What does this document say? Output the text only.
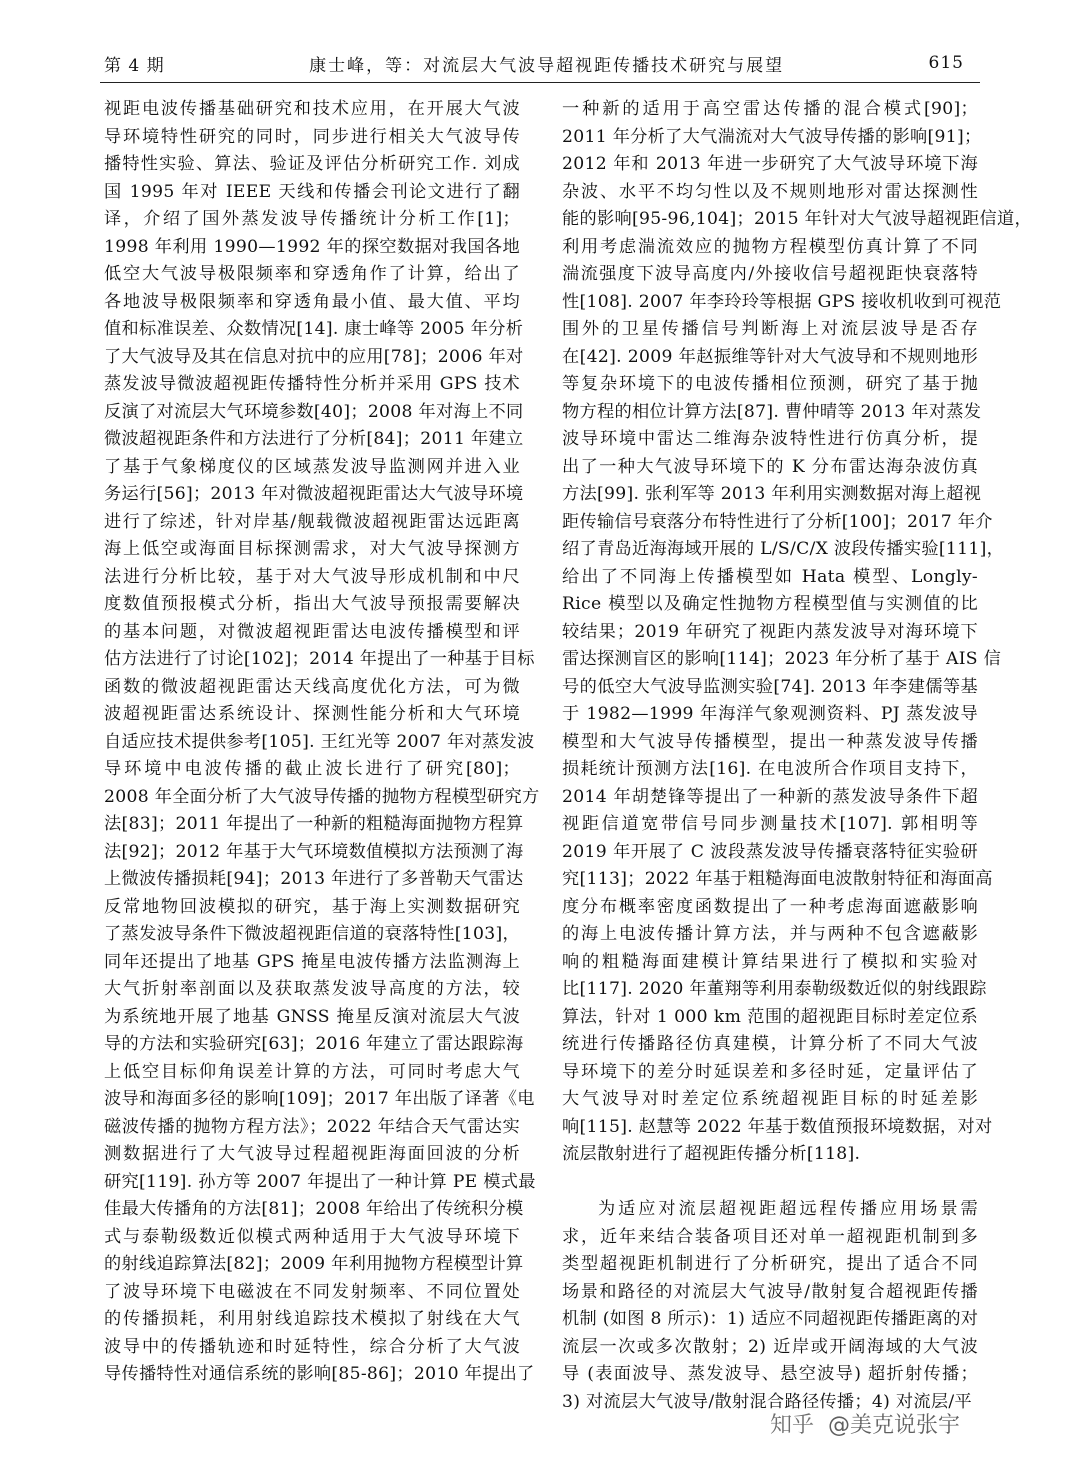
第 4 期	康士峰，等：对流层大气波导超视距传播技术研究与展望	615
视距电波传播基础研究和技术应用，在开展大气波
导环境特性研究的同时，同步进行相关大气波导传
播特性实验、算法、验证及评估分析研究工作. 刘成
国 1995 年对 IEEE 天线和传播会刊论文进行了翻
译，介绍了国外蒸发波导传播统计分析工作[1]；
1998 年利用 1990—1992 年的探空数据对我国各地
低空大气波导极限频率和穿透角作了计算，给出了
各地波导极限频率和穿透角最小值、最大值、平均
值和标准误差、众数情况[14]. 康士峰等 2005 年分析
了大气波导及其在信息对抗中的应用[78]；2006 年对
蒸发波导微波超视距传播特性分析并采用 GPS 技术
反演了对流层大气环境参数[40]；2008 年对海上不同
微波超视距条件和方法进行了分析[84]；2011 年建立
了基于气象梯度仪的区域蒸发波导监测网并进入业
务运行[56]；2013 年对微波超视距雷达大气波导环境
进行了综述，针对岸基/舰载微波超视距雷达远距离
海上低空或海面目标探测需求，对大气波导探测方
法进行分析比较，基于对大气波导形成机制和中尺
度数值预报模式分析，指出大气波导预报需要解决
的基本问题，对微波超视距雷达电波传播模型和评
估方法进行了讨论[102]；2014 年提出了一种基于目标
函数的微波超视距雷达天线高度优化方法，可为微
波超视距雷达系统设计、探测性能分析和大气环境
自适应技术提供参考[105]. 王红光等 2007 年对蒸发波
导环境中电波传播的截止波长进行了研究[80]；
2008 年全面分析了大气波导传播的抛物方程模型研究方
法[83]；2011 年提出了一种新的粗糙海面抛物方程算
法[92]；2012 年基于大气环境数值模拟方法预测了海
上微波传播损耗[94]；2013 年进行了多普勒天气雷达
反常地物回波模拟的研究，基于海上实测数据研究
了蒸发波导条件下微波超视距信道的衰落特性[103]，
同年还提出了地基 GPS 掩星电波传播方法监测海上
大气折射率剖面以及获取蒸发波导高度的方法，较
为系统地开展了地基 GNSS 掩星反演对流层大气波
导的方法和实验研究[63]；2016 年建立了雷达跟踪海
上低空目标仰角误差计算的方法，可同时考虑大气
波导和海面多径的影响[109]；2017 年出版了译著《电
磁波传播的抛物方程方法》；2022 年结合天气雷达实
测数据进行了大气波导过程超视距海面回波的分析
研究[119]. 孙方等 2007 年提出了一种计算 PE 模式最
佳最大传播角的方法[81]；2008 年给出了传统积分模
式与泰勒级数近似模式两种适用于大气波导环境下
的射线追踪算法[82]；2009 年利用抛物方程模型计算
了波导环境下电磁波在不同发射频率、不同位置处
的传播损耗，利用射线追踪技术模拟了射线在大气
波导中的传播轨迹和时延特性，综合分析了大气波
导传播特性对通信系统的影响[85-86]；2010 年提出了
一种新的适用于高空雷达传播的混合模式[90]；
2011 年分析了大气湍流对大气波导传播的影响[91]；
2012 年和 2013 年进一步研究了大气波导环境下海
杂波、水平不均匀性以及不规则地形对雷达探测性
能的影响[95-96,104]；2015 年针对大气波导超视距信道，
利用考虑湍流效应的抛物方程模型仿真计算了不同
湍流强度下波导高度内/外接收信号超视距快衰落特
性[108]. 2007 年李玲玲等根据 GPS 接收机收到可视范
围外的卫星传播信号判断海上对流层波导是否存
在[42]. 2009 年赵振维等针对大气波导和不规则地形
等复杂环境下的电波传播相位预测，研究了基于抛
物方程的相位计算方法[87]. 曹仲晴等 2013 年对蒸发
波导环境中雷达二维海杂波特性进行仿真分析，提
出了一种大气波导环境下的 K 分布雷达海杂波仿真
方法[99]. 张利军等 2013 年利用实测数据对海上超视
距传输信号衰落分布特性进行了分析[100]；2017 年介
绍了青岛近海海域开展的 L/S/C/X 波段传播实验[111]，
给出了不同海上传播模型如 Hata 模型、Longly-
Rice 模型以及确定性抛物方程模型值与实测值的比
较结果；2019 年研究了视距内蒸发波导对海环境下
雷达探测盲区的影响[114]；2023 年分析了基于 AIS 信
号的低空大气波导监测实验[74]. 2013 年李建儒等基
于 1982—1999 年海洋气象观测资料、PJ 蒸发波导
模型和大气波导传播模型，提出一种蒸发波导传播
损耗统计预测方法[16]. 在电波所合作项目支持下，
2014 年胡楚锋等提出了一种新的蒸发波导条件下超
视距信道宽带信号同步测量技术[107]. 郭相明等
2019 年开展了 C 波段蒸发波导传播衰落特征实验研
究[113]；2022 年基于粗糙海面电波散射特征和海面高
度分布概率密度函数提出了一种考虑海面遮蔽影响
的海上电波传播计算方法，并与两种不包含遮蔽影
响的粗糙海面建模计算结果进行了模拟和实验对
比[117]. 2020 年董翔等利用泰勒级数近似的射线跟踪
算法，针对 1 000 km 范围的超视距目标时差定位系
统进行传播路径仿真建模，计算分析了不同大气波
导环境下的差分时延误差和多径时延，定量评估了
大气波导对时差定位系统超视距目标的时延差影
响[115]. 赵慧等 2022 年基于数值预报环境数据，对对
流层散射进行了超视距传播分析[118].
为适应对流层超视距超远程传播应用场景需
求，近年来结合装备项目还对单一超视距机制到多
类型超视距机制进行了分析研究，提出了适合不同
场景和路径的对流层大气波导/散射复合超视距传播
机制 (如图 8 所示)：1) 适应不同超视距传播距离的对
流层一次或多次散射；2) 近岸或开阔海域的大气波
导 (表面波导、蒸发波导、悬空波导) 超折射传播；
3) 对流层大气波导/散射混合路径传播；4) 对流层/平
知乎 @美克说张宇
